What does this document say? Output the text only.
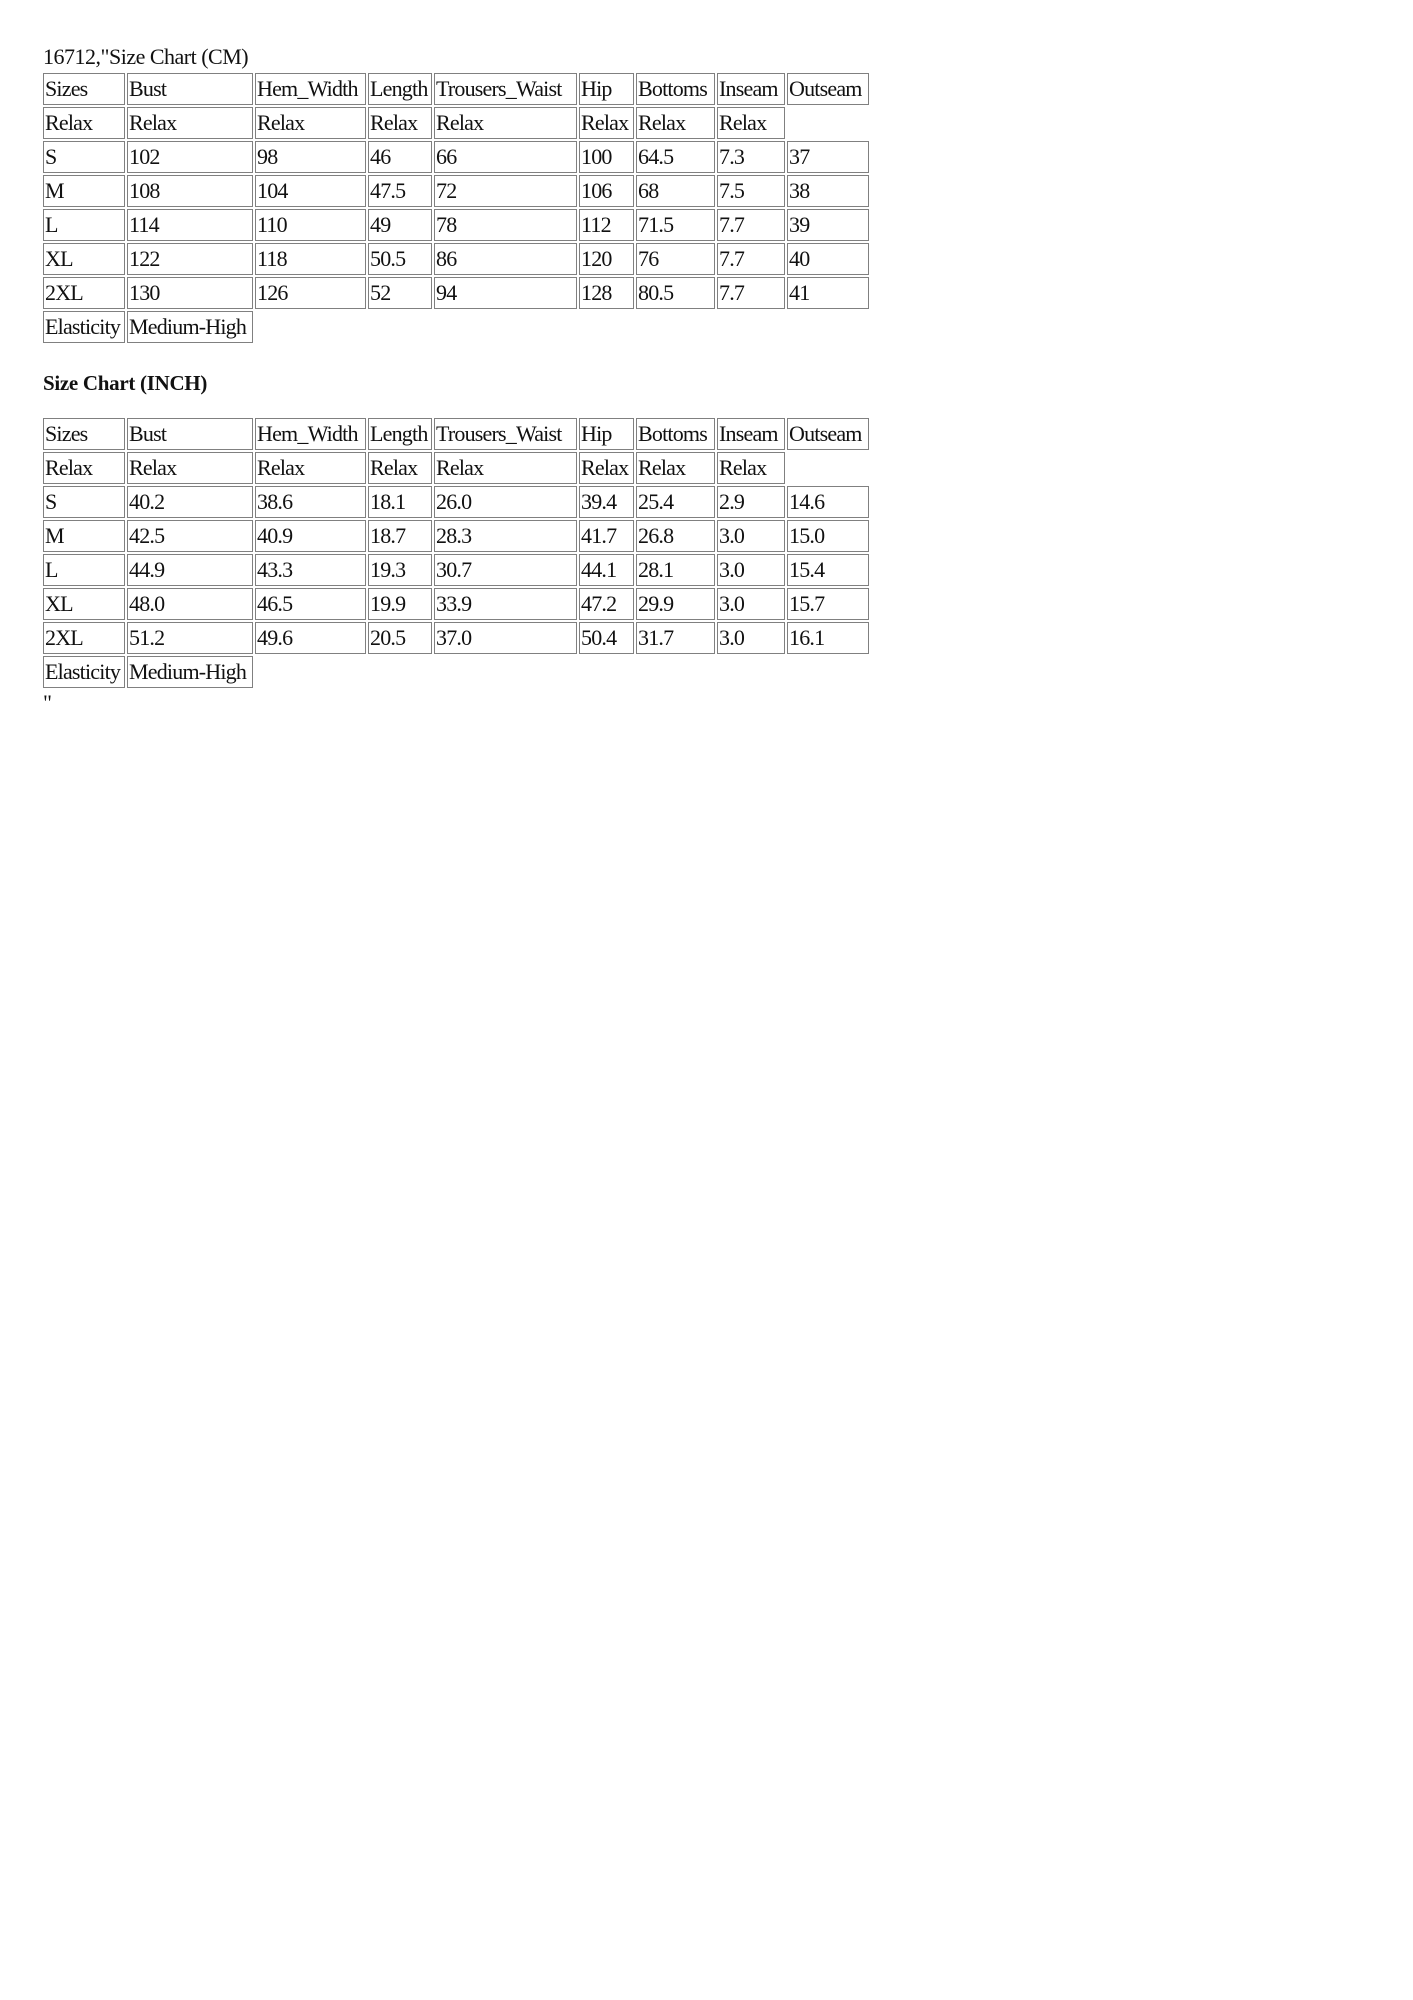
16712,"Size Chart (CM)
Sizes	Bust	Hem_Width	Length	Trousers_Waist	Hip	Bottoms	Inseam	Outseam
Relax	Relax	Relax	Relax	Relax	Relax	Relax	Relax	
S	102	98	46	66	100	64.5	7.3	37
M	108	104	47.5	72	106	68	7.5	38
L	114	110	49	78	112	71.5	7.7	39
XL	122	118	50.5	86	120	76	7.7	40
2XL	130	126	52	94	128	80.5	7.7	41
Elasticity	Medium-High							
Size Chart (INCH)
Sizes	Bust	Hem_Width	Length	Trousers_Waist	Hip	Bottoms	Inseam	Outseam
Relax	Relax	Relax	Relax	Relax	Relax	Relax	Relax	
S	40.2	38.6	18.1	26.0	39.4	25.4	2.9	14.6
M	42.5	40.9	18.7	28.3	41.7	26.8	3.0	15.0
L	44.9	43.3	19.3	30.7	44.1	28.1	3.0	15.4
XL	48.0	46.5	19.9	33.9	47.2	29.9	3.0	15.7
2XL	51.2	49.6	20.5	37.0	50.4	31.7	3.0	16.1
Elasticity	Medium-High							
"
